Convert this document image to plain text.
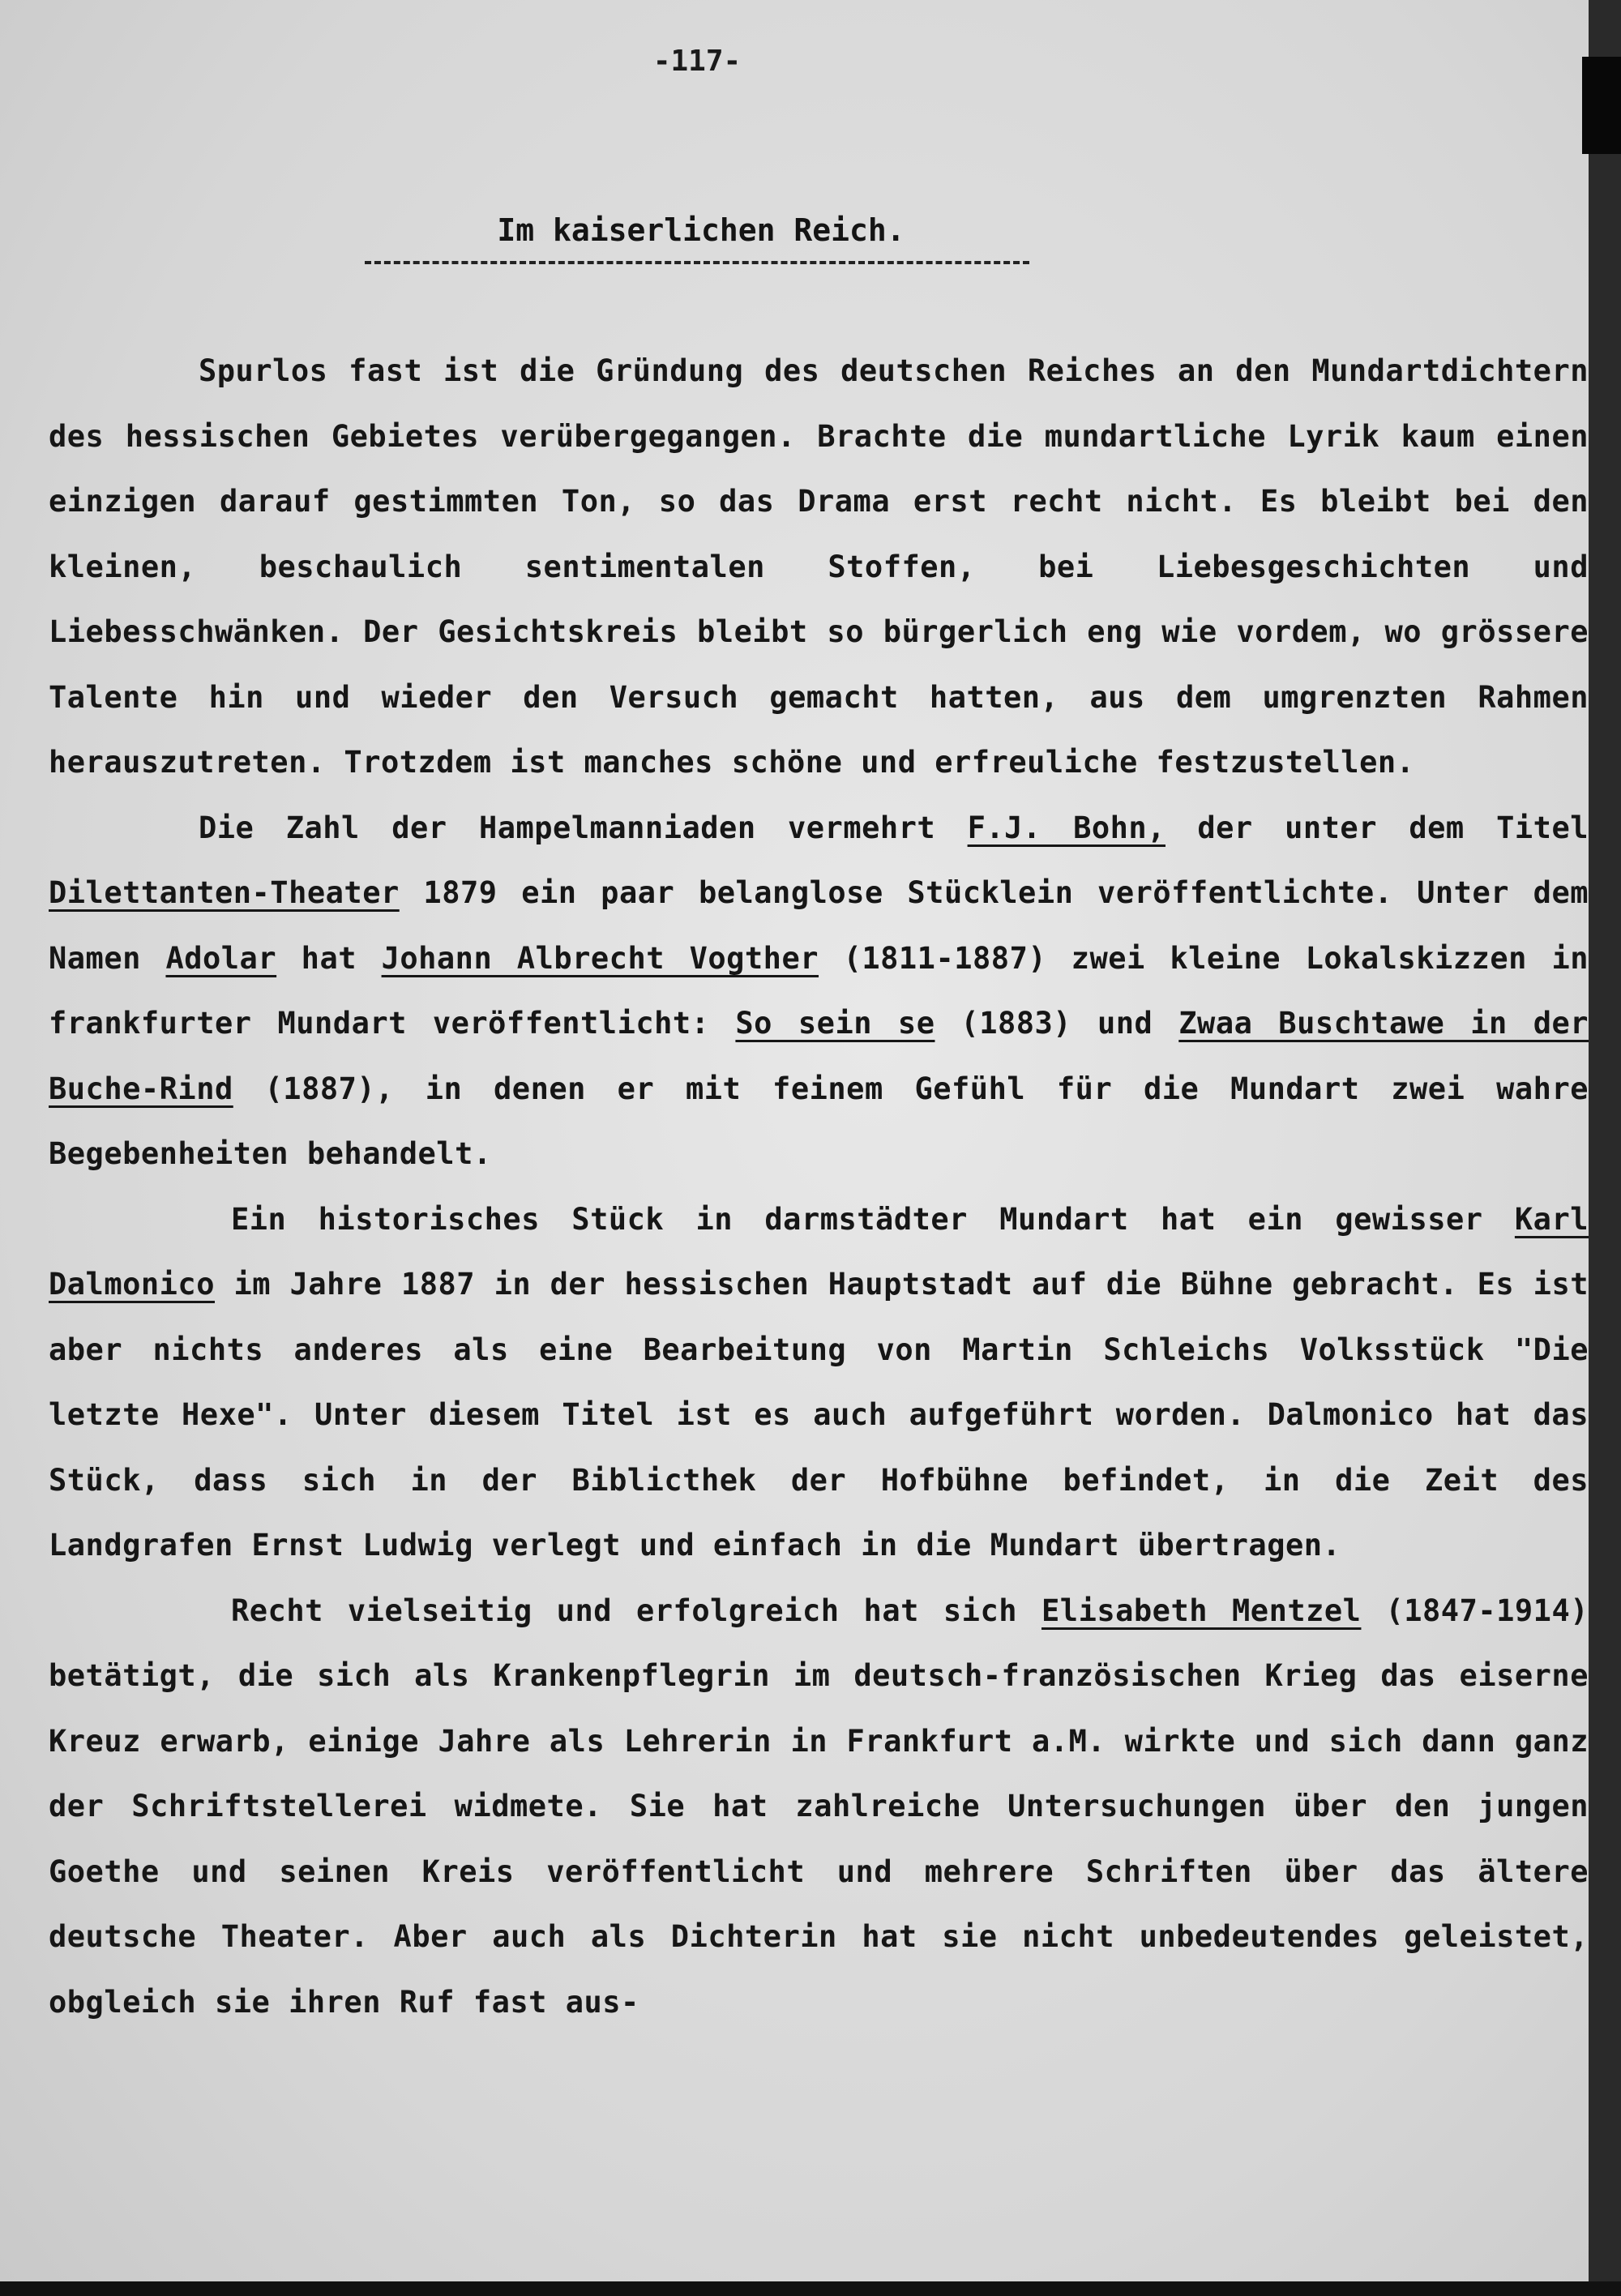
-117-
Im kaiserlichen Reich.

Spurlos fast ist die Gründung des deutschen Reiches an den Mundartdichtern des hessischen Gebietes verübergegangen. Brachte die mundartliche Lyrik kaum einen einzigen darauf gestimmten Ton, so das Drama erst recht nicht. Es bleibt bei den kleinen, beschaulich sentimentalen Stoffen, bei Liebesgeschichten und Liebesschwänken. Der Gesichtskreis bleibt so bürgerlich eng wie vordem, wo grössere Talente hin und wieder den Versuch gemacht hatten, aus dem umgrenzten Rahmen herauszutreten. Trotzdem ist manches schöne und erfreuliche festzustellen.

Die Zahl der Hampelmanniaden vermehrt F.J. Bohn, der unter dem Titel Dilettanten-Theater 1879 ein paar belanglose Stücklein veröffentlichte. Unter dem Namen Adolar hat Johann Albrecht Vogther (1811-1887) zwei kleine Lokalskizzen in frankfurter Mundart veröffentlicht: So sein se (1883) und Zwaa Buschtawe in der Buche-Rind (1887), in denen er mit feinem Gefühl für die Mundart zwei wahre Begebenheiten behandelt.

Ein historisches Stück in darmstädter Mundart hat ein gewisser Karl Dalmonico im Jahre 1887 in der hessischen Hauptstadt auf die Bühne gebracht. Es ist aber nichts anderes als eine Bearbeitung von Martin Schleichs Volksstück "Die letzte Hexe". Unter diesem Titel ist es auch aufgeführt worden. Dalmonico hat das Stück, dass sich in der Biblicthek der Hofbühne befindet, in die Zeit des Landgrafen Ernst Ludwig verlegt und einfach in die Mundart übertragen.

Recht vielseitig und erfolgreich hat sich Elisabeth Mentzel (1847-1914) betätigt, die sich als Krankenpflegrin im deutsch-französischen Krieg das eiserne Kreuz erwarb, einige Jahre als Lehrerin in Frankfurt a.M. wirkte und sich dann ganz der Schriftstellerei widmete. Sie hat zahlreiche Untersuchungen über den jungen Goethe und seinen Kreis veröffentlicht und mehrere Schriften über das ältere deutsche Theater. Aber auch als Dichterin hat sie nicht unbedeutendes geleistet, obgleich sie ihren Ruf fast aus-
